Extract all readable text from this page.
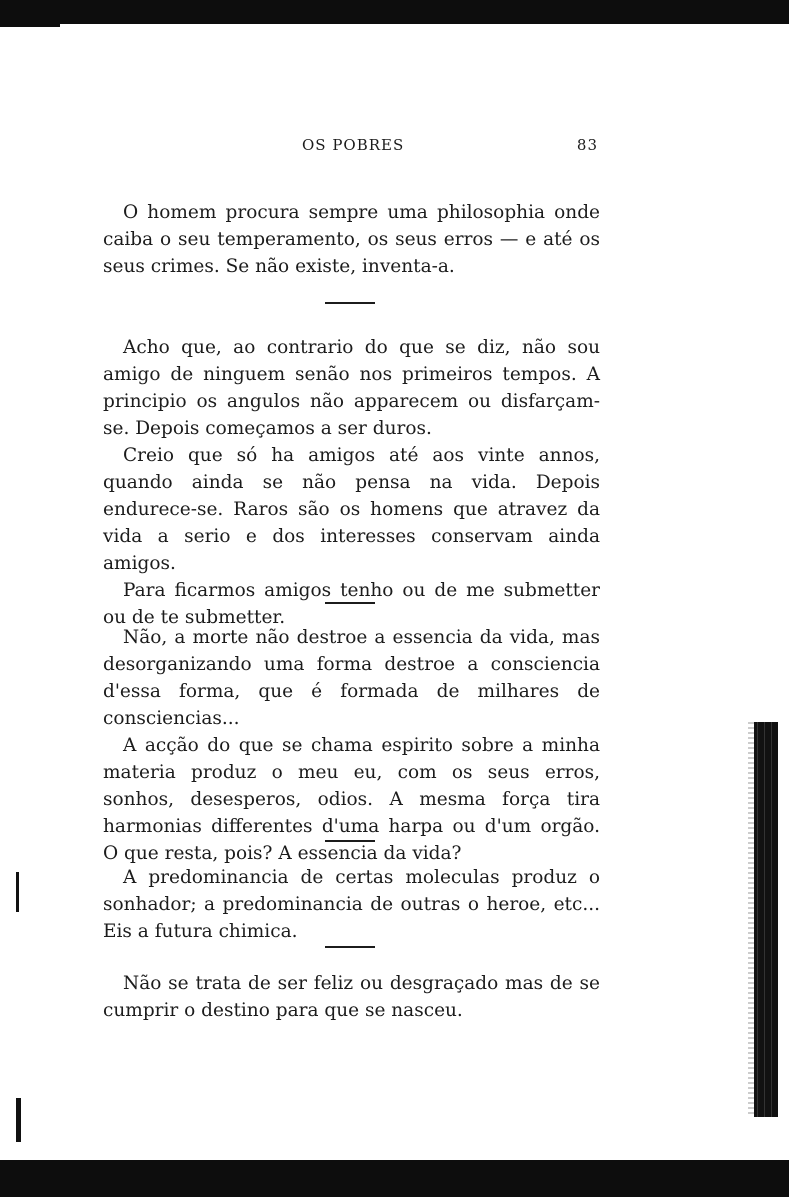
OS POBRES	83

O homem procura sempre uma philosophia onde caiba o seu temperamento, os seus erros — e até os seus crimes. Se não existe, inventa-a.

Acho que, ao contrario do que se diz, não sou amigo de ninguem senão nos primeiros tempos. A principio os angulos não apparecem ou disfarçam-se. Depois começamos a ser duros.

Creio que só ha amigos até aos vinte annos, quando ainda se não pensa na vida. Depois endurece-se. Raros são os homens que atravez da vida a serio e dos interesses conservam ainda amigos.

Para ficarmos amigos tenho ou de me submetter ou de te submetter.

Não, a morte não destroe a essencia da vida, mas desorganizando uma forma destroe a consciencia d'essa forma, que é formada de milhares de consciencias...

A acção do que se chama espirito sobre a minha materia produz o meu eu, com os seus erros, sonhos, desesperos, odios. A mesma força tira harmonias differentes d'uma harpa ou d'um orgão. O que resta, pois? A essencia da vida?

A predominancia de certas moleculas produz o sonhador; a predominancia de outras o heroe, etc... Eis a futura chimica.

Não se trata de ser feliz ou desgraçado mas de se cumprir o destino para que se nasceu.
